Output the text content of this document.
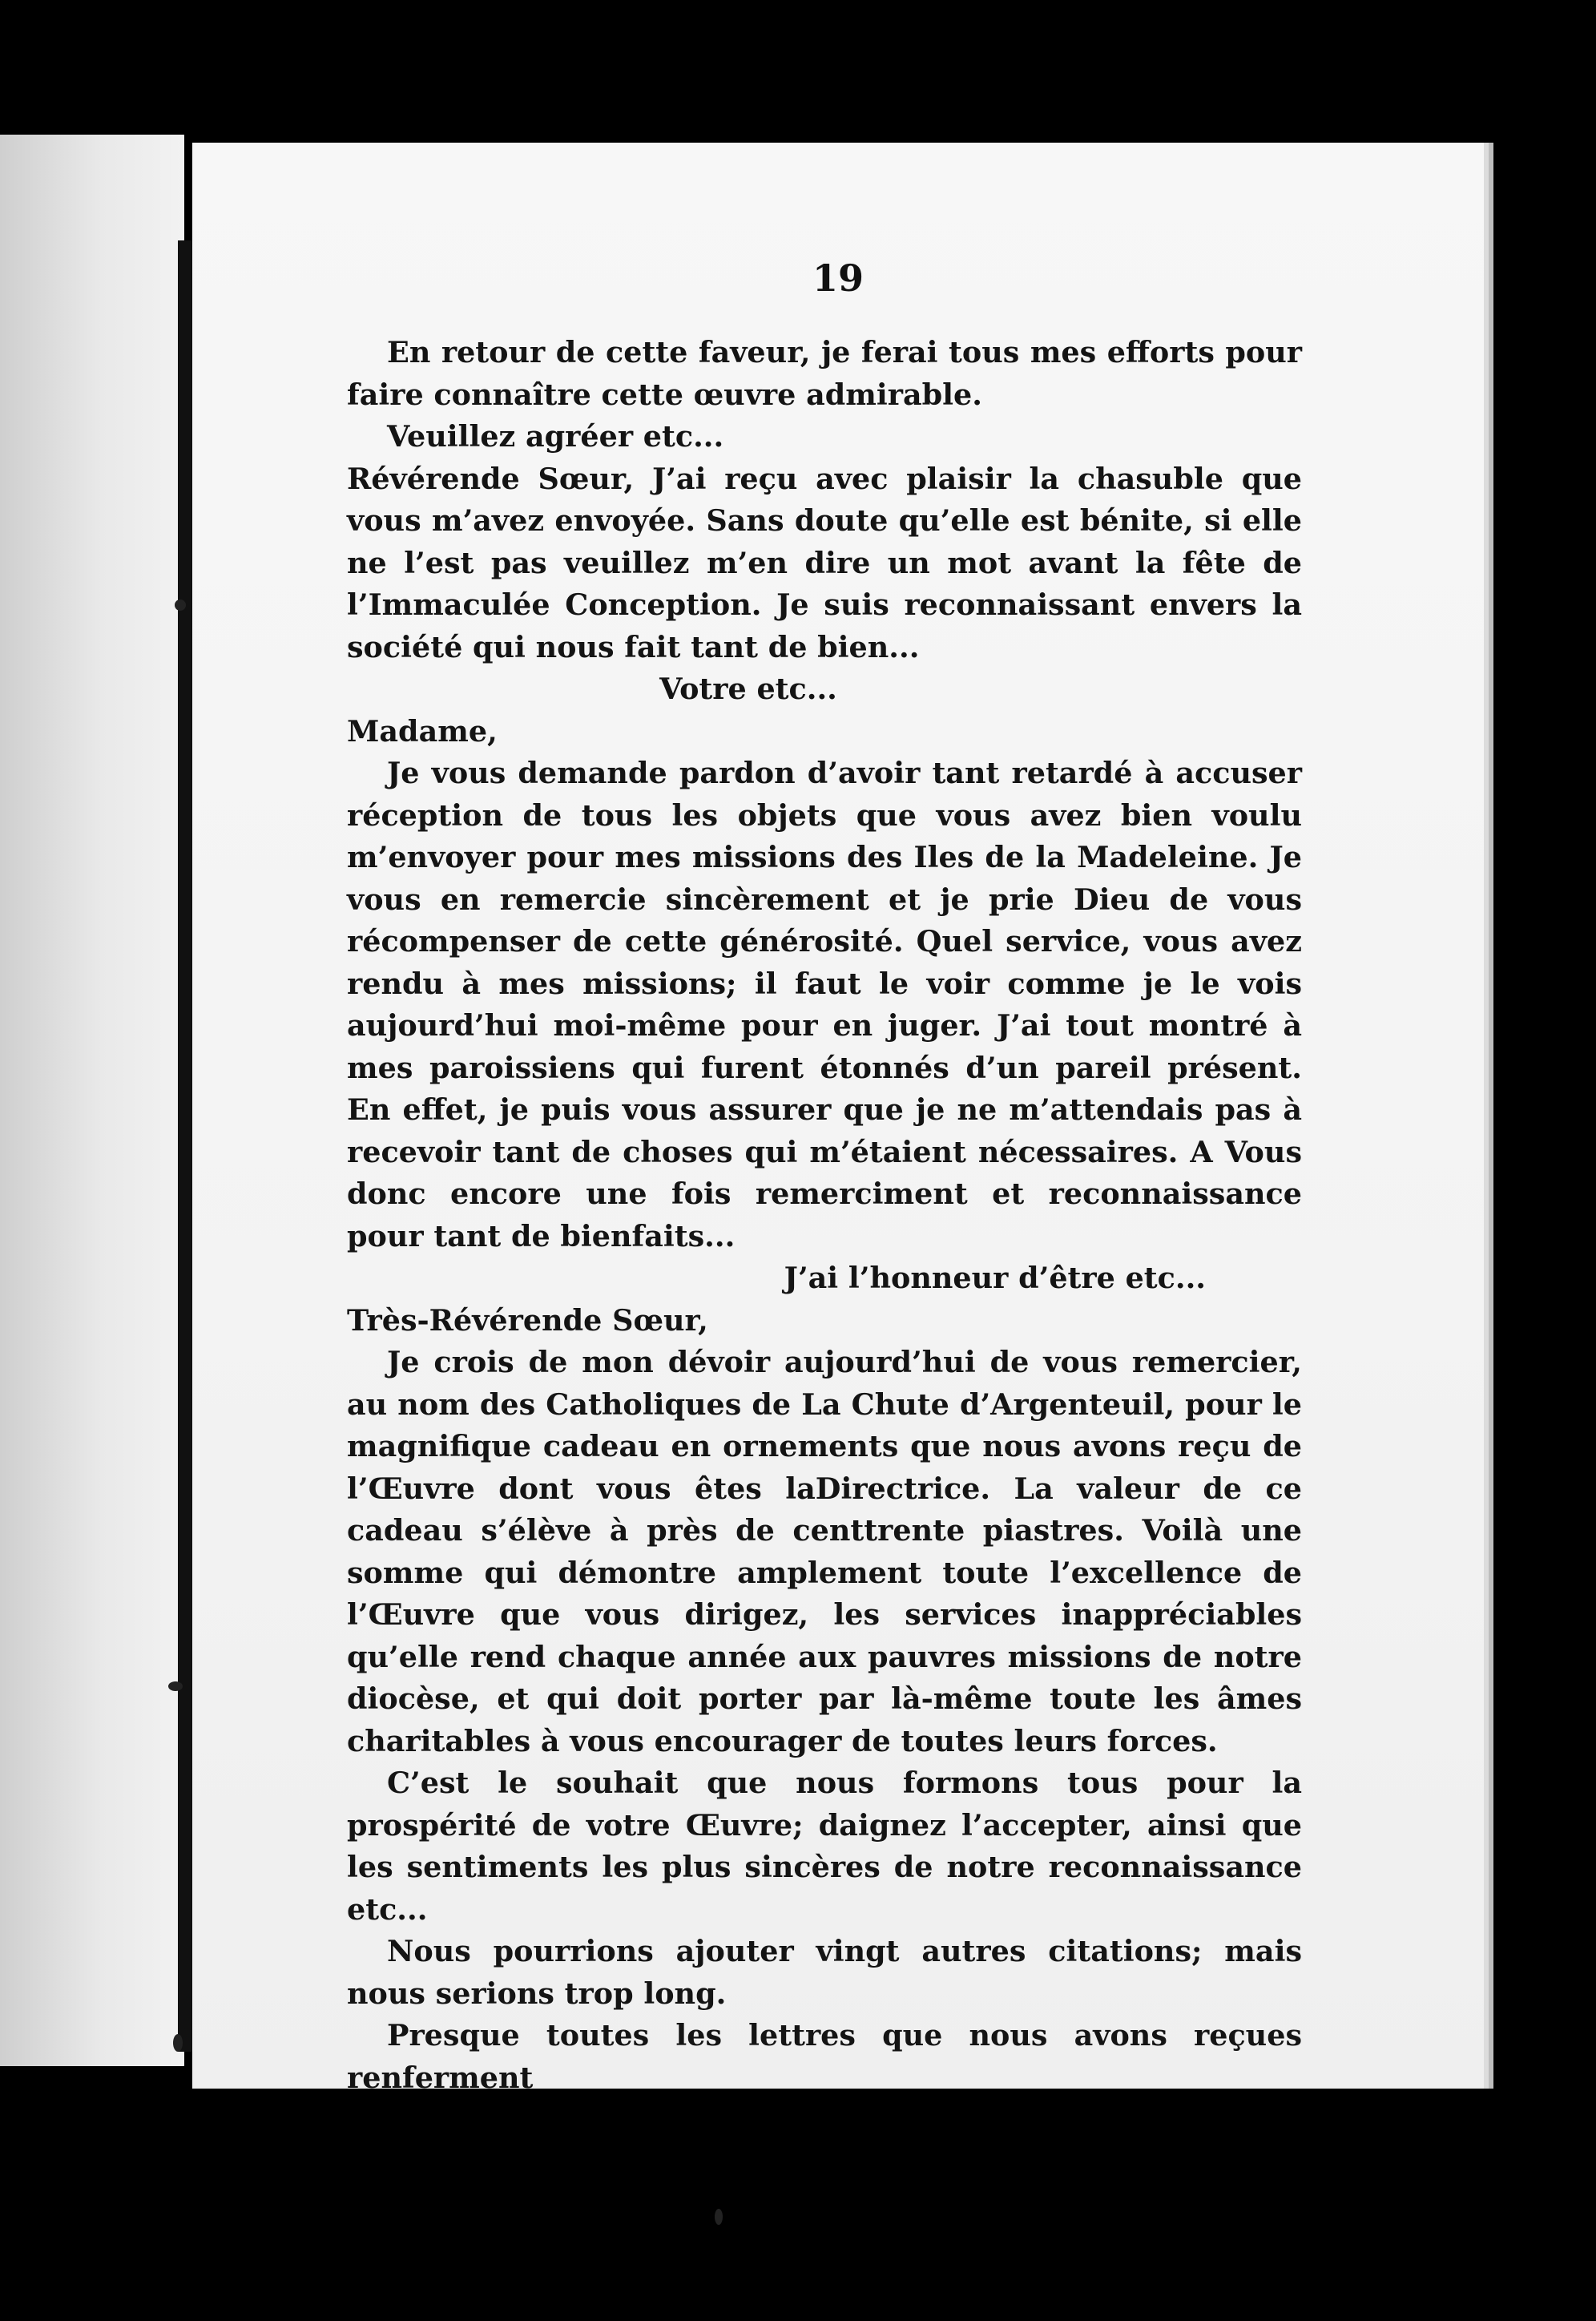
19

En retour de cette faveur, je ferai tous mes efforts pour faire connaître cette œuvre admirable.

Veuillez agréer etc...

Révérende Sœur, J’ai reçu avec plaisir la chasuble que vous m’avez envoyée. Sans doute qu’elle est bénite, si elle ne l’est pas veuillez m’en dire un mot avant la fête de l’Immaculée Conception. Je suis reconnaissant envers la société qui nous fait tant de bien...

Votre etc...

Madame,

Je vous demande pardon d’avoir tant retardé à accuser réception de tous les objets que vous avez bien voulu m’envoyer pour mes missions des Iles de la Madeleine. Je vous en remercie sincèrement et je prie Dieu de vous récompenser de cette générosité. Quel service, vous avez rendu à mes missions; il faut le voir comme je le vois aujourd’hui moi-même pour en juger. J’ai tout montré à mes paroissiens qui furent étonnés d’un pareil présent. En effet, je puis vous assurer que je ne m’attendais pas à recevoir tant de choses qui m’étaient nécessaires. A Vous donc encore une fois remerciment et reconnaissance pour tant de bienfaits...

J’ai l’honneur d’être etc...

Très-Révérende Sœur,

Je crois de mon dévoir aujourd’hui de vous remercier, au nom des Catholiques de La Chute d’Argenteuil, pour le magnifique cadeau en ornements que nous avons reçu de l’Œuvre dont vous êtes laDirectrice. La valeur de ce cadeau s’élève à près de centtrente piastres. Voilà une somme qui démontre amplement toute l’excellence de l’Œuvre que vous dirigez, les services inappréciables qu’elle rend chaque année aux pauvres missions de notre diocèse, et qui doit porter par là-même toute les âmes charitables à vous encourager de toutes leurs forces.

C’est le souhait que nous formons tous pour la prospérité de votre Œuvre; daignez l’accepter, ainsi que les sentiments les plus sincères de notre reconnaissance etc...

Nous pourrions ajouter vingt autres citations; mais nous serions trop long.

Presque toutes les lettres que nous avons reçues renferment
